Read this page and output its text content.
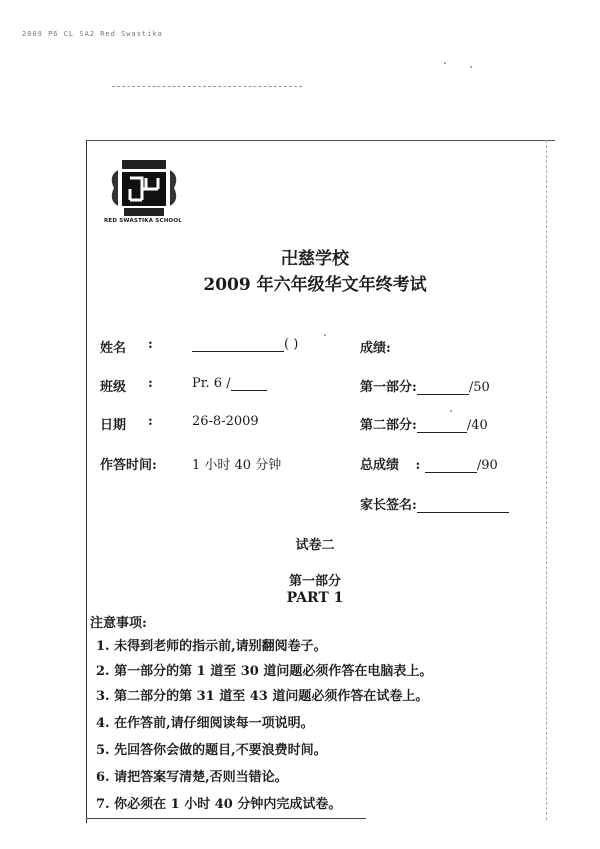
2009 P6 CL SA2 Red Swastika
RED SWASTIKA SCHOOL
卍慈学校
2009 年六年级华文年终考试
姓名 :	( )	成绩:
班级 :	Pr. 6 /	第一部分:	/50
日期 :	26-8-2009	第二部分:	/40
作答时间:	1 小时 40 分钟	总成绩 :	/90
家长签名:
试卷二
第一部分
PART 1
注意事项:
1. 未得到老师的指示前,请别翻阅卷子。
2. 第一部分的第 1 道至 30 道问题必须作答在电脑表上。
3. 第二部分的第 31 道至 43 道问题必须作答在试卷上。
4. 在作答前,请仔细阅读每一项说明。
5. 先回答你会做的题目,不要浪费时间。
6. 请把答案写清楚,否则当错论。
7. 你必须在 1 小时 40 分钟内完成试卷。
